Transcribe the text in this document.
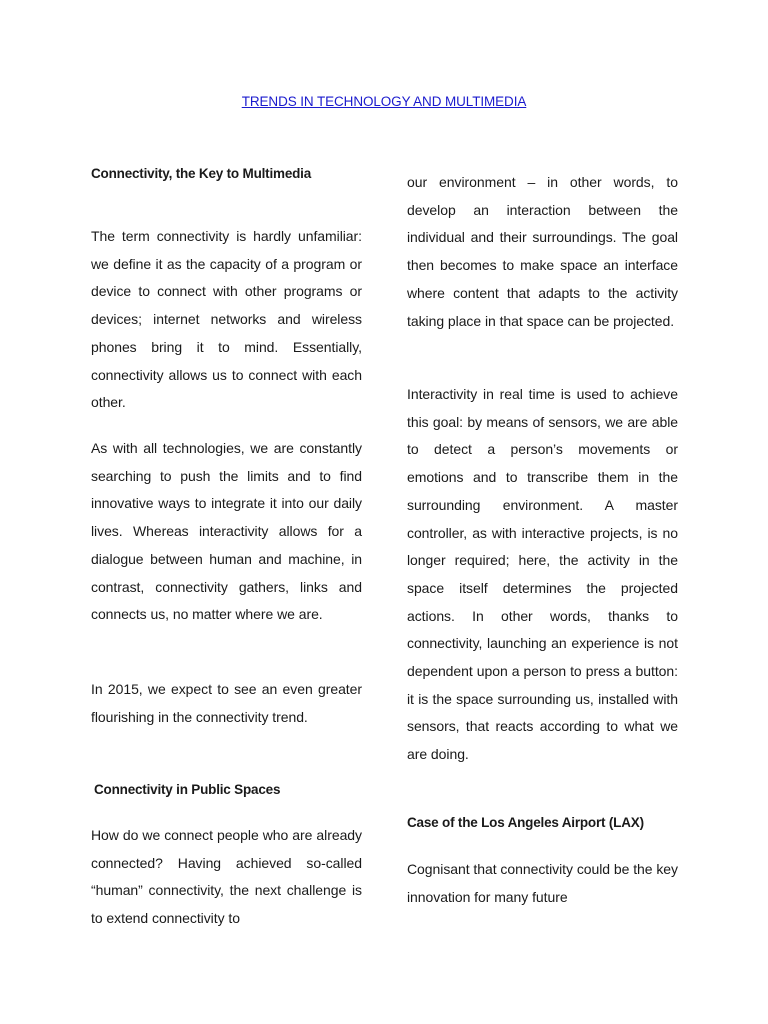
TRENDS IN TECHNOLOGY AND MULTIMEDIA
Connectivity, the Key to Multimedia
The term connectivity is hardly unfamiliar: we define it as the capacity of a program or device to connect with other programs or devices; internet networks and wireless phones bring it to mind. Essentially, connectivity allows us to connect with each other.
As with all technologies, we are constantly searching to push the limits and to find innovative ways to integrate it into our daily lives. Whereas interactivity allows for a dialogue between human and machine, in contrast, connectivity gathers, links and connects us, no matter where we are.
In 2015, we expect to see an even greater flourishing in the connectivity trend.
Connectivity in Public Spaces
How do we connect people who are already connected? Having achieved so-called “human” connectivity, the next challenge is to extend connectivity to
our environment – in other words, to develop an interaction between the individual and their surroundings. The goal then becomes to make space an interface where content that adapts to the activity taking place in that space can be projected.
Interactivity in real time is used to achieve this goal: by means of sensors, we are able to detect a person’s movements or emotions and to transcribe them in the surrounding environment. A master controller, as with interactive projects, is no longer required; here, the activity in the space itself determines the projected actions. In other words, thanks to connectivity, launching an experience is not dependent upon a person to press a button: it is the space surrounding us, installed with sensors, that reacts according to what we are doing.
Case of the Los Angeles Airport (LAX)
Cognisant that connectivity could be the key innovation for many future
